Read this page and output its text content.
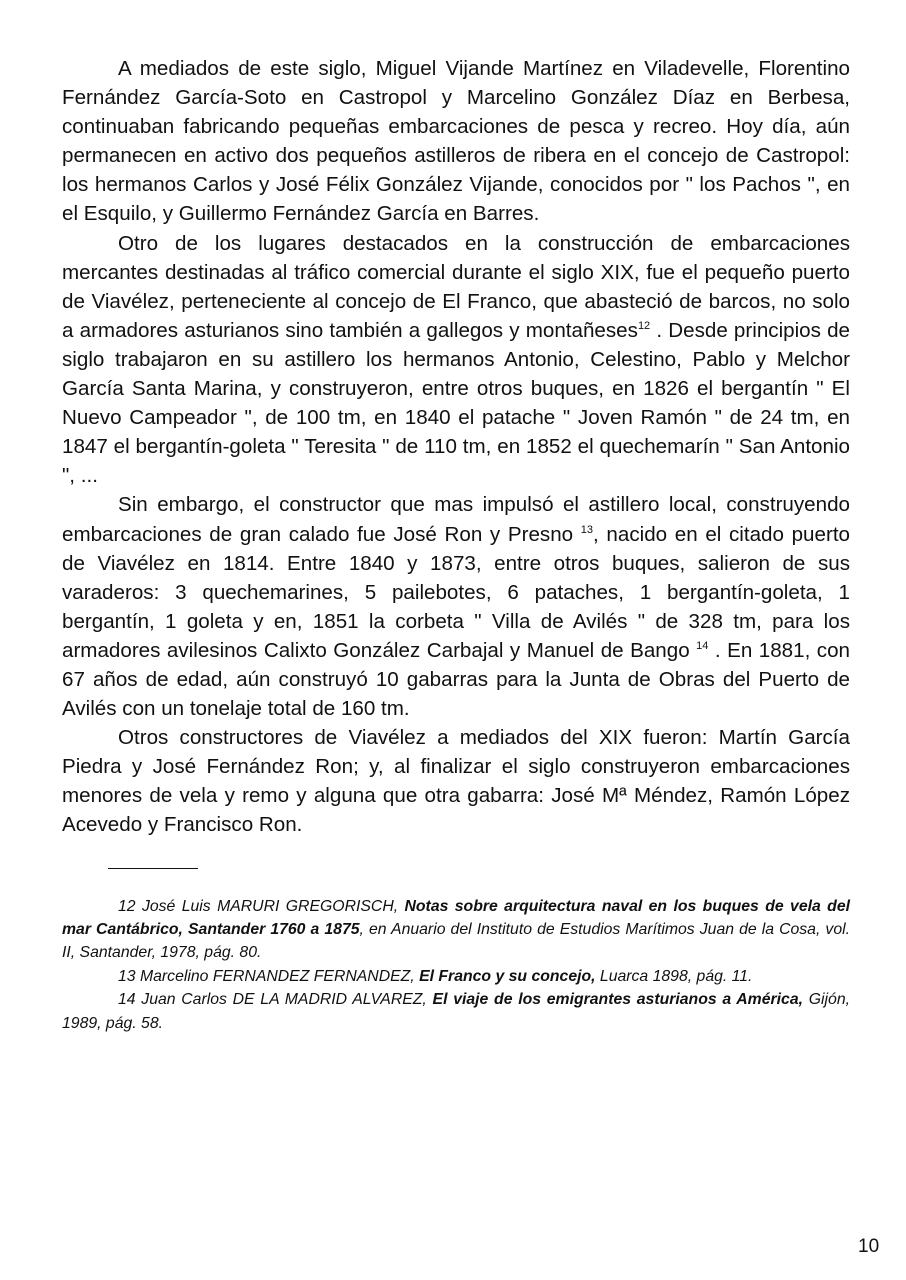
A mediados de este siglo, Miguel Vijande Martínez en Viladevelle, Florentino Fernández García-Soto en Castropol y Marcelino González Díaz en Berbesa, continuaban fabricando pequeñas embarcaciones de pesca y recreo. Hoy día, aún permanecen en activo dos pequeños astilleros de ribera en el concejo de Castropol: los hermanos Carlos y José Félix González Vijande, conocidos por " los Pachos ", en el Esquilo, y Guillermo Fernández García en Barres.

Otro de los lugares destacados en la construcción de embarcaciones mercantes destinadas al tráfico comercial durante el siglo XIX, fue el pequeño puerto de Viavélez, perteneciente al concejo de El Franco, que abasteció de barcos, no solo a armadores asturianos sino también a gallegos y montañeses$^{12}$ . Desde principios de siglo trabajaron en su astillero los hermanos Antonio, Celestino, Pablo y Melchor García Santa Marina, y construyeron, entre otros buques, en 1826 el bergantín " El Nuevo Campeador ", de 100 tm, en 1840 el patache " Joven Ramón " de 24 tm, en 1847 el bergantín-goleta " Teresita " de 110 tm, en 1852 el quechemarín " San Antonio ", ...

Sin embargo, el constructor que mas impulsó el astillero local, construyendo embarcaciones de gran calado fue José Ron y Presno $^{13}$, nacido en el citado puerto de Viavélez en 1814. Entre 1840 y 1873, entre otros buques, salieron de sus varaderos: 3 quechemarines, 5 pailebotes, 6 pataches, 1 bergantín-goleta, 1 bergantín, 1 goleta y en, 1851 la corbeta " Villa de Avilés " de 328 tm, para los armadores avilesinos Calixto González Carbajal y Manuel de Bango $^{14}$ . En 1881, con 67 años de edad, aún construyó 10 gabarras para la Junta de Obras del Puerto de Avilés con un tonelaje total de 160 tm.

Otros constructores de Viavélez a mediados del XIX fueron: Martín García Piedra y José Fernández Ron; y, al finalizar el siglo construyeron embarcaciones menores de vela y remo y alguna que otra gabarra: José Mª Méndez, Ramón López Acevedo y Francisco Ron.

12 José Luis MARURI GREGORISCH, Notas sobre arquitectura naval en los buques de vela del mar Cantábrico, Santander 1760 a 1875, en Anuario del Instituto de Estudios Marítimos Juan de la Cosa, vol. II, Santander, 1978, pág. 80.

13 Marcelino FERNANDEZ FERNANDEZ, El Franco y su concejo, Luarca 1898, pág. 11.

14 Juan Carlos DE LA MADRID ALVAREZ, El viaje de los emigrantes asturianos a América, Gijón, 1989, pág. 58.

10
